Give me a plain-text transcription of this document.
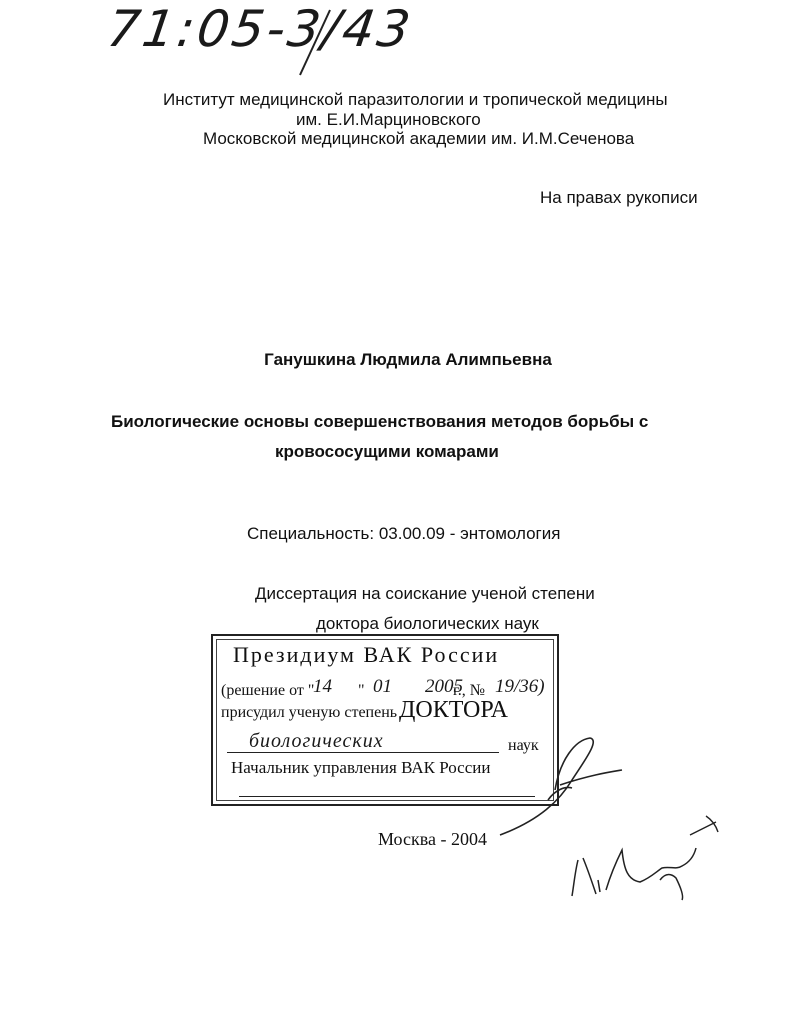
71:05-3/43
Институт медицинской паразитологии и тропической медицины
им. Е.И.Марциновского
Московской медицинской академии им. И.М.Сеченова
На правах рукописи
Ганушкина Людмила Алимпьевна
Биологические основы совершенствования методов борьбы с
кровососущими комарами
Специальность: 03.00.09 - энтомология
Диссертация на соискание ученой степени
доктора биологических наук
Президиум ВАК России
(решение от "
14 " 01 2005
г., № 19/36)
присудил ученую степень ДОКТОРА
биологических	наук
Начальник управления ВАК России
Москва - 2004
